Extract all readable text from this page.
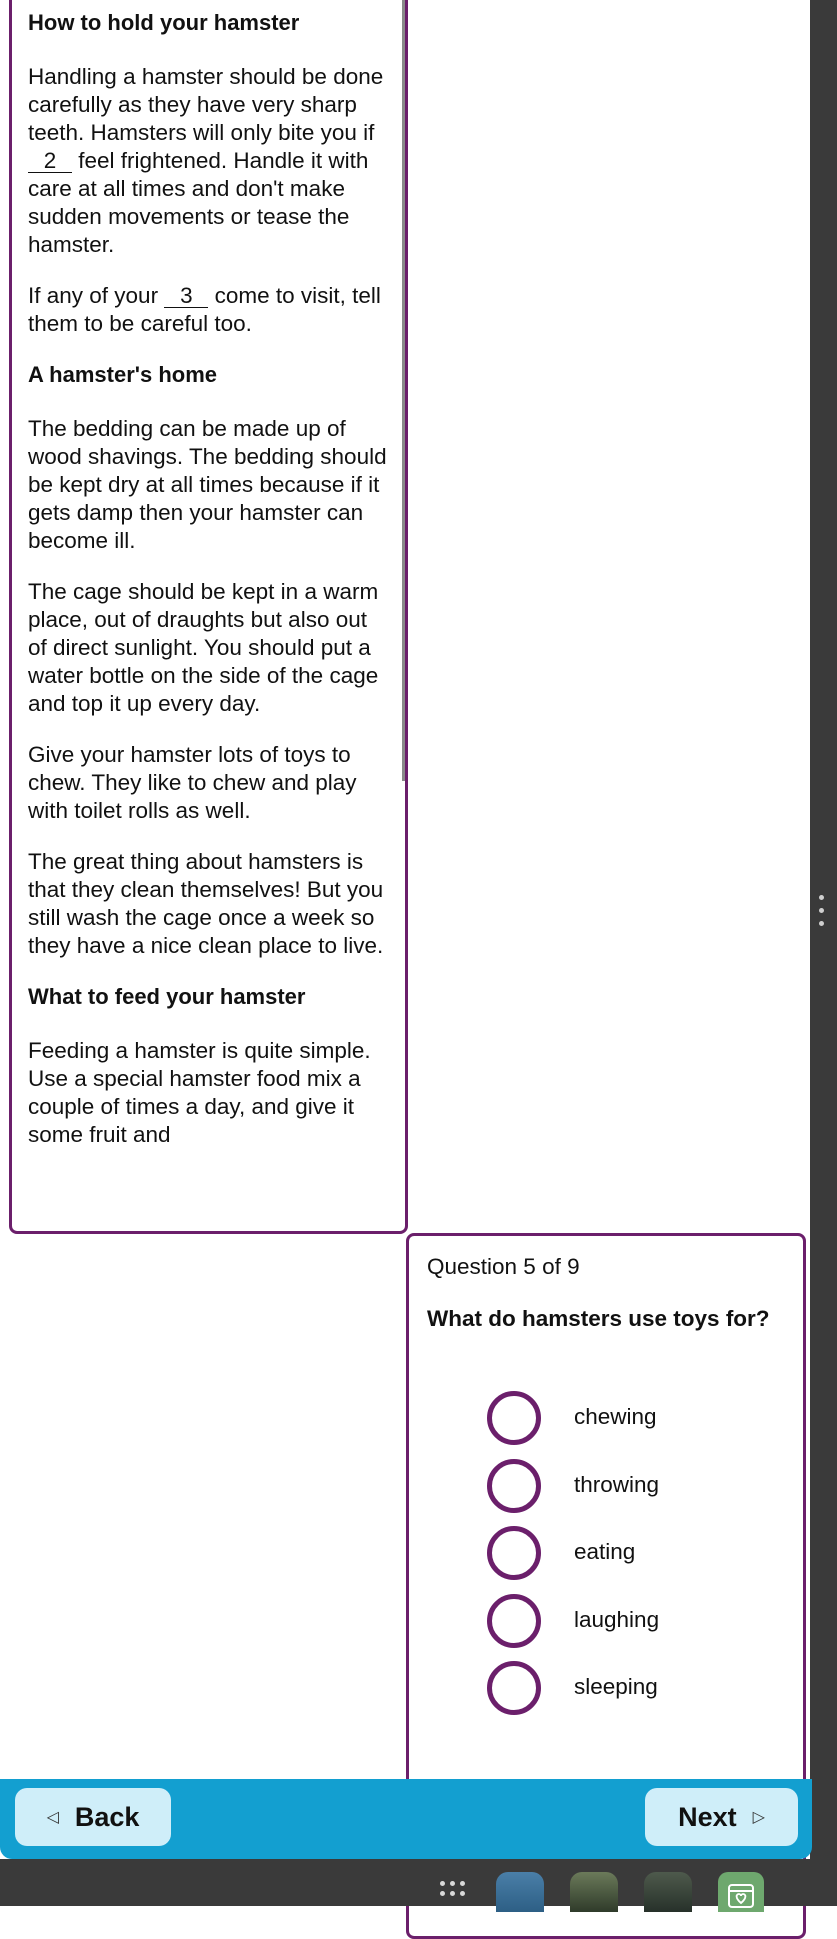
How to hold your hamster

Handling a hamster should be done carefully as they have very sharp teeth. Hamsters will only bite you if 2 feel frightened. Handle it with care at all times and don't make sudden movements or tease the hamster.

If any of your 3 come to visit, tell them to be careful too.

A hamster's home

The bedding can be made up of wood shavings. The bedding should be kept dry at all times because if it gets damp then your hamster can become ill.

The cage should be kept in a warm place, out of draughts but also out of direct sunlight. You should put a water bottle on the side of the cage and top it up every day.

Give your hamster lots of toys to chew. They like to chew and play with toilet rolls as well.

The great thing about hamsters is that they clean themselves! But you still wash the cage once a week so they have a nice clean place to live.

What to feed your hamster

Feeding a hamster is quite simple. Use a special hamster food mix a couple of times a day, and give it some fruit and

Question 5 of 9
What do hamsters use toys for?
chewing
throwing
eating
laughing
sleeping
◁ Back	Next ▷
